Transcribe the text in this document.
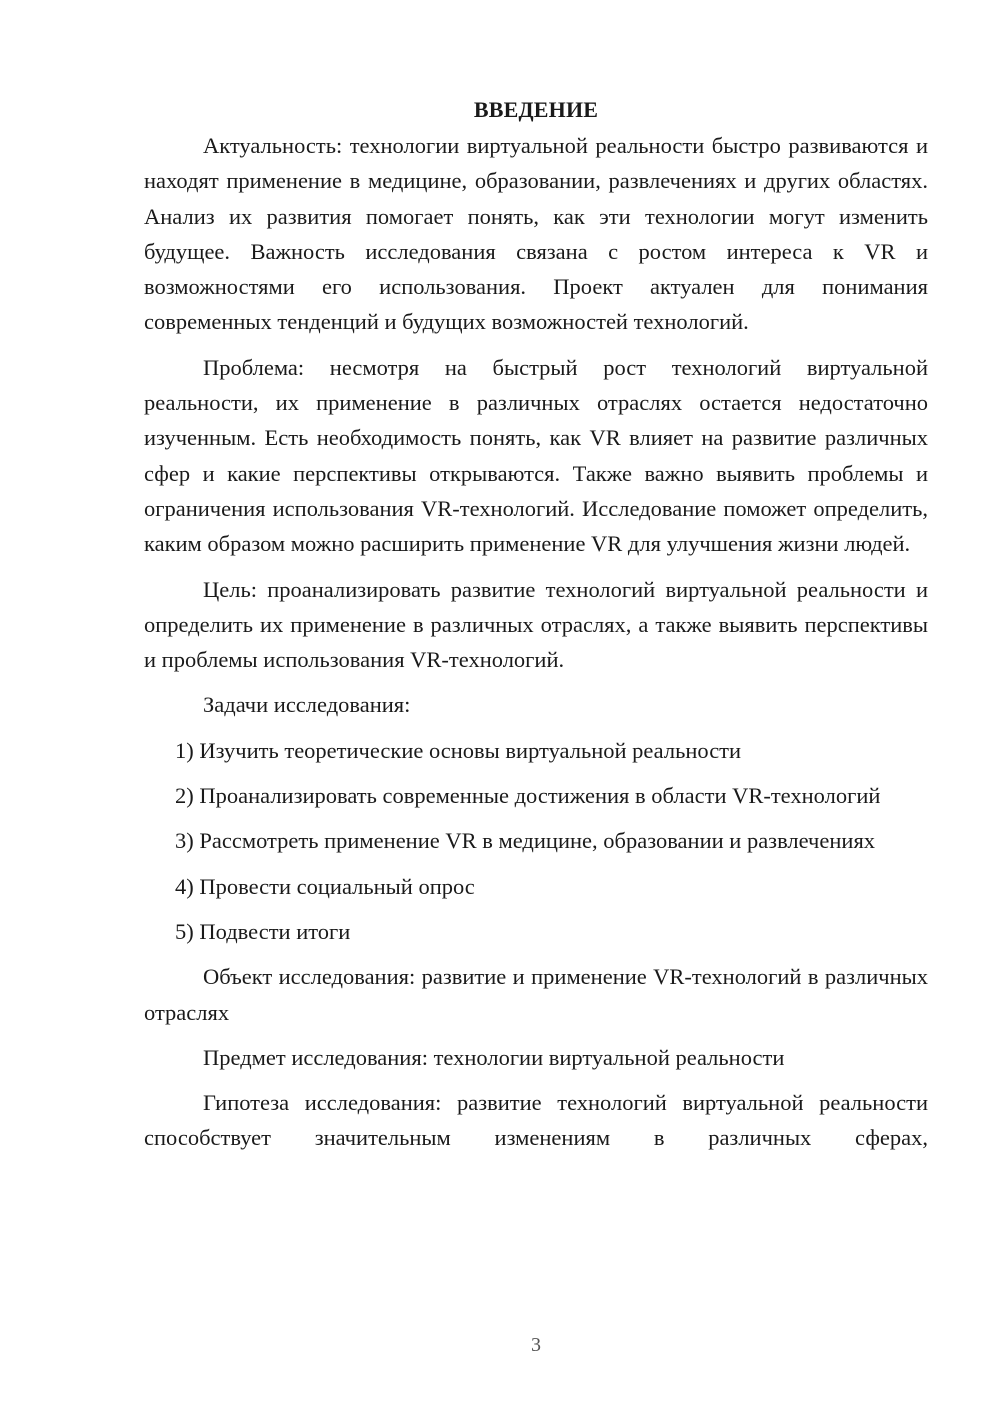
ВВЕДЕНИЕ

Актуальность: технологии виртуальной реальности быстро развиваются и находят применение в медицине, образовании, развлечениях и других областях. Анализ их развития помогает понять, как эти технологии могут изменить будущее. Важность исследования связана с ростом интереса к VR и возможностями его использования. Проект актуален для понимания современных тенденций и будущих возможностей технологий.

Проблема: несмотря на быстрый рост технологий виртуальной реальности, их применение в различных отраслях остается недостаточно изученным. Есть необходимость понять, как VR влияет на развитие различных сфер и какие перспективы открываются. Также важно выявить проблемы и ограничения использования VR-технологий. Исследование поможет определить, каким образом можно расширить применение VR для улучшения жизни людей.

Цель: проанализировать развитие технологий виртуальной реальности и определить их применение в различных отраслях, а также выявить перспективы и проблемы использования VR-технологий.

Задачи исследования:

1) Изучить теоретические основы виртуальной реальности

2) Проанализировать современные достижения в области VR-технологий

3) Рассмотреть применение VR в медицине, образовании и развлечениях

4) Провести социальный опрос

5) Подвести итоги

Объект исследования: развитие и применение VR-технологий в различных отраслях

Предмет исследования: технологии виртуальной реальности

Гипотеза исследования: развитие технологий виртуальной реальности способствует значительным изменениям в различных сферах,

3
